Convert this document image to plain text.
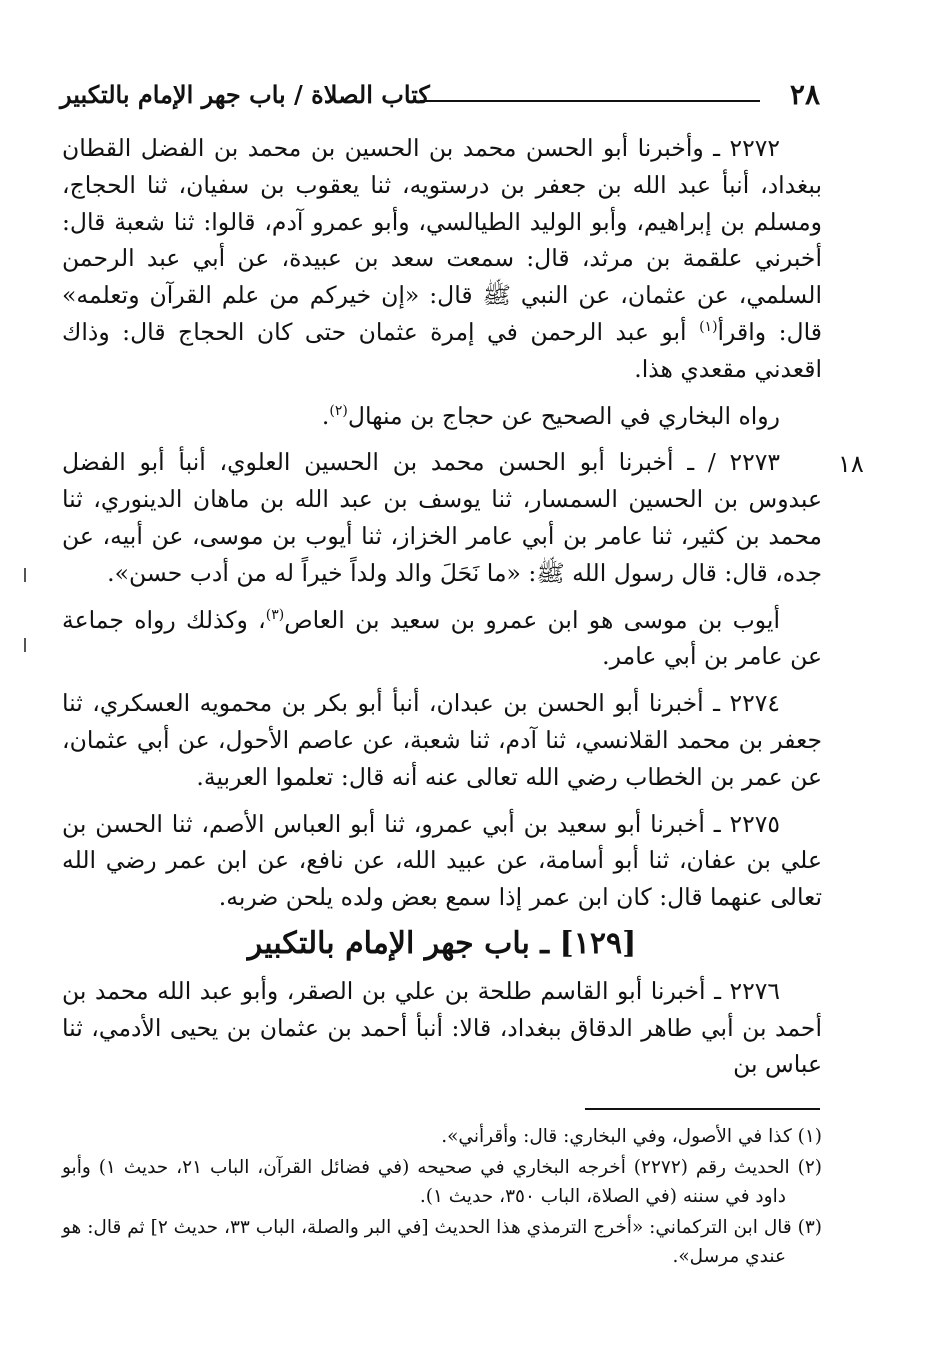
٢٨
كتاب الصلاة / باب جهر الإمام بالتكبير
١٨

٢٢٧٢ ـ وأخبرنا أبو الحسن محمد بن الحسين بن محمد بن الفضل القطان ببغداد، أنبأ عبد الله بن جعفر بن درستويه، ثنا يعقوب بن سفيان، ثنا الحجاج، ومسلم بن إبراهيم، وأبو الوليد الطيالسي، وأبو عمرو آدم، قالوا: ثنا شعبة قال: أخبرني علقمة بن مرثد، قال: سمعت سعد بن عبيدة، عن أبي عبد الرحمن السلمي، عن عثمان، عن النبي ﷺ قال: «إن خيركم من علم القرآن وتعلمه» قال: واقرأ$^{(١)}$ أبو عبد الرحمن في إمرة عثمان حتى كان الحجاج قال: وذاك اقعدني مقعدي هذا.

رواه البخاري في الصحيح عن حجاج بن منهال$^{(٢)}$.

٢٢٧٣ / ـ أخبرنا أبو الحسن محمد بن الحسين العلوي، أنبأ أبو الفضل عبدوس بن الحسين السمسار، ثنا يوسف بن عبد الله بن ماهان الدينوري، ثنا محمد بن كثير، ثنا عامر بن أبي عامر الخزاز، ثنا أيوب بن موسى، عن أبيه، عن جده، قال: قال رسول الله ﷺ: «ما نَحَلَ والد ولداً خيراً له من أدب حسن».

أيوب بن موسى هو ابن عمرو بن سعيد بن العاص$^{(٣)}$، وكذلك رواه جماعة عن عامر بن أبي عامر.

٢٢٧٤ ـ أخبرنا أبو الحسن بن عبدان، أنبأ أبو بكر بن محمويه العسكري، ثنا جعفر بن محمد القلانسي، ثنا آدم، ثنا شعبة، عن عاصم الأحول، عن أبي عثمان، عن عمر بن الخطاب رضي الله تعالى عنه أنه قال: تعلموا العربية.

٢٢٧٥ ـ أخبرنا أبو سعيد بن أبي عمرو، ثنا أبو العباس الأصم، ثنا الحسن بن علي بن عفان، ثنا أبو أسامة، عن عبيد الله، عن نافع، عن ابن عمر رضي الله تعالى عنهما قال: كان ابن عمر إذا سمع بعض ولده يلحن ضربه.

[١٢٩] ـ باب جهر الإمام بالتكبير

٢٢٧٦ ـ أخبرنا أبو القاسم طلحة بن علي بن الصقر، وأبو عبد الله محمد بن أحمد بن أبي طاهر الدقاق ببغداد، قالا: أنبأ أحمد بن عثمان بن يحيى الأدمي، ثنا عباس بن

(١) كذا في الأصول، وفي البخاري: قال: وأقرأني».

(٢) الحديث رقم (٢٢٧٢) أخرجه البخاري في صحيحه (في فضائل القرآن، الباب ٢١، حديث ١) وأبو داود في سننه (في الصلاة، الباب ٣٥٠، حديث ١).

(٣) قال ابن التركماني: «أخرج الترمذي هذا الحديث [في البر والصلة، الباب ٣٣، حديث ٢] ثم قال: هو عندي مرسل».
